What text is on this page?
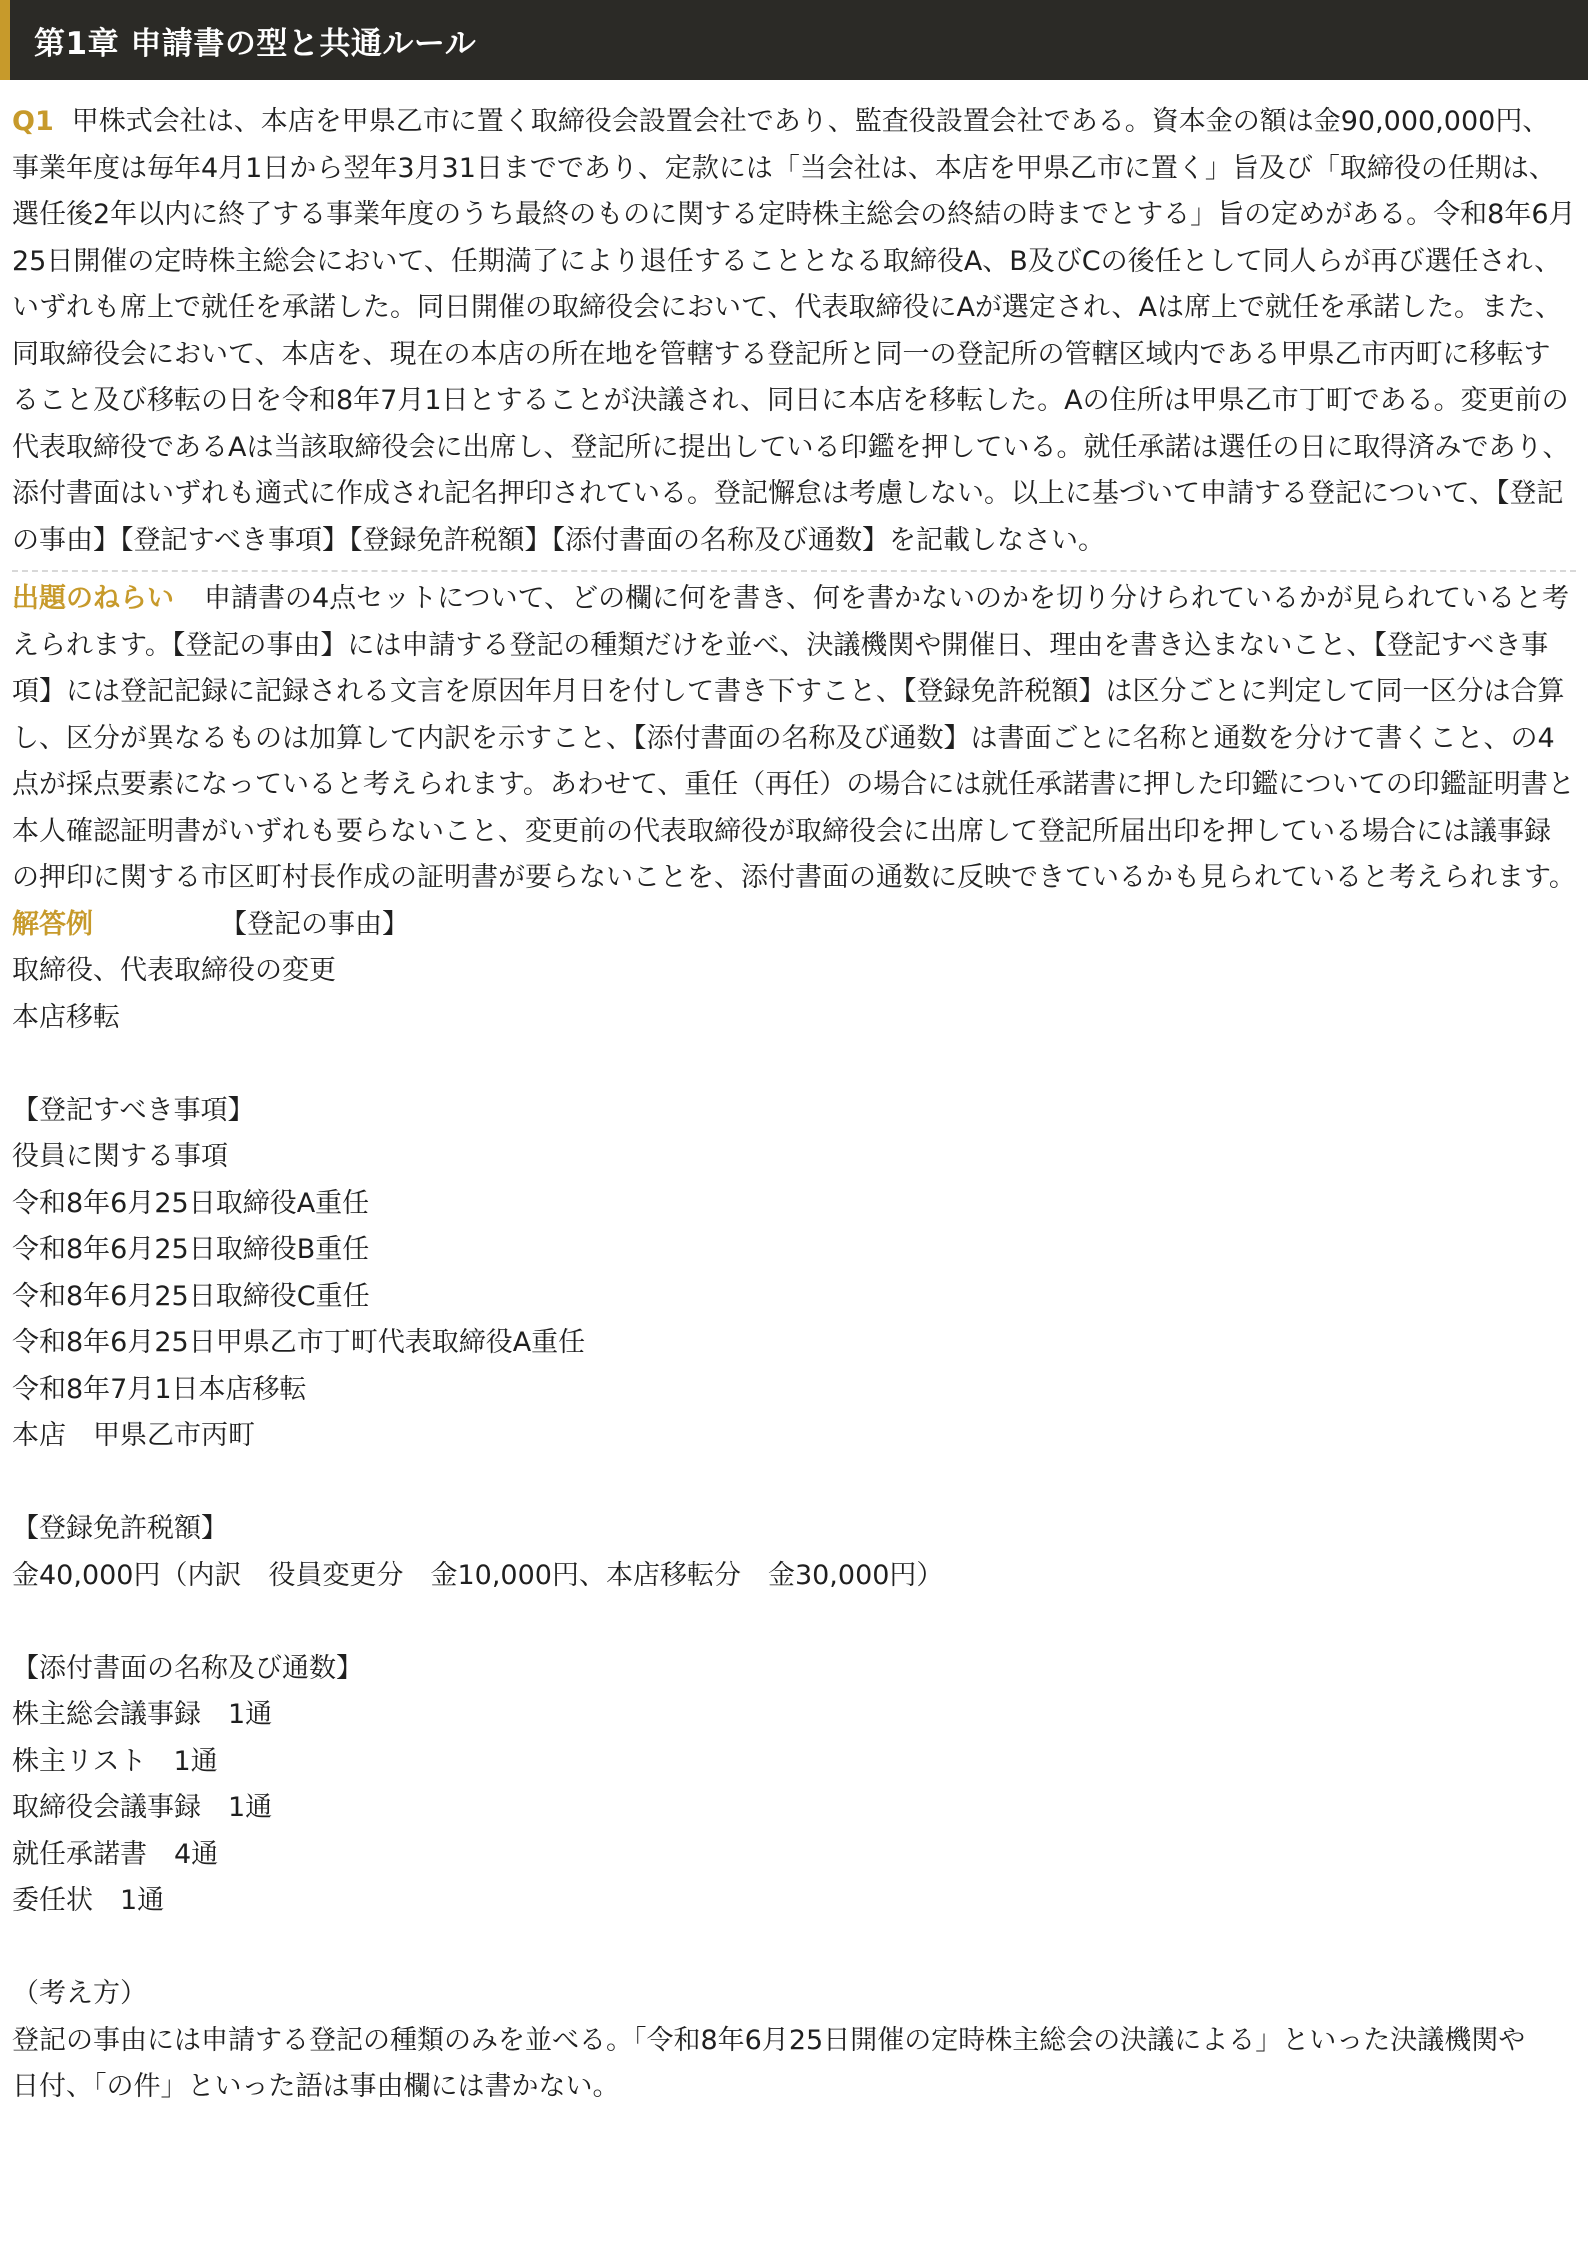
第1章 申請書の型と共通ルール
Q1 甲株式会社は、本店を甲県乙市に置く取締役会設置会社であり、監査役設置会社である。資本金の額は金90,000,000円、事業年度は毎年4月1日から翌年3月31日までであり、定款には「当会社は、本店を甲県乙市に置く」旨及び「取締役の任期は、選任後2年以内に終了する事業年度のうち最終のものに関する定時株主総会の終結の時までとする」旨の定めがある。令和8年6月25日開催の定時株主総会において、任期満了により退任することとなる取締役A、B及びCの後任として同人らが再び選任され、いずれも席上で就任を承諾した。同日開催の取締役会において、代表取締役にAが選定され、Aは席上で就任を承諾した。また、同取締役会において、本店を、現在の本店の所在地を管轄する登記所と同一の登記所の管轄区域内である甲県乙市丙町に移転すること及び移転の日を令和8年7月1日とすることが決議され、同日に本店を移転した。Aの住所は甲県乙市丁町である。変更前の代表取締役であるAは当該取締役会に出席し、登記所に提出している印鑑を押している。就任承諾は選任の日に取得済みであり、添付書面はいずれも適式に作成され記名押印されている。登記懈怠は考慮しない。以上に基づいて申請する登記について、【登記の事由】【登記すべき事項】【登録免許税額】【添付書面の名称及び通数】を記載しなさい。
出題のねらい 申請書の4点セットについて、どの欄に何を書き、何を書かないのかを切り分けられているかが見られていると考えられます。【登記の事由】には申請する登記の種類だけを並べ、決議機関や開催日、理由を書き込まないこと、【登記すべき事項】には登記記録に記録される文言を原因年月日を付して書き下すこと、【登録免許税額】は区分ごとに判定して同一区分は合算し、区分が異なるものは加算して内訳を示すこと、【添付書面の名称及び通数】は書面ごとに名称と通数を分けて書くこと、の4点が採点要素になっていると考えられます。あわせて、重任（再任）の場合には就任承諾書に押した印鑑についての印鑑証明書と本人確認証明書がいずれも要らないこと、変更前の代表取締役が取締役会に出席して登記所届出印を押している場合には議事録の押印に関する市区町村長作成の証明書が要らないことを、添付書面の通数に反映できているかも見られていると考えられます。
解答例	【登記の事由】
取締役、代表取締役の変更
本店移転
【登記すべき事項】
役員に関する事項
令和8年6月25日取締役A重任
令和8年6月25日取締役B重任
令和8年6月25日取締役C重任
令和8年6月25日甲県乙市丁町代表取締役A重任
令和8年7月1日本店移転
本店　甲県乙市丙町
【登録免許税額】
金40,000円（内訳　役員変更分　金10,000円、本店移転分　金30,000円）
【添付書面の名称及び通数】
株主総会議事録　1通
株主リスト　1通
取締役会議事録　1通
就任承諾書　4通
委任状　1通
（考え方）
登記の事由には申請する登記の種類のみを並べる。「令和8年6月25日開催の定時株主総会の決議による」といった決議機関や
日付、「の件」といった語は事由欄には書かない。
